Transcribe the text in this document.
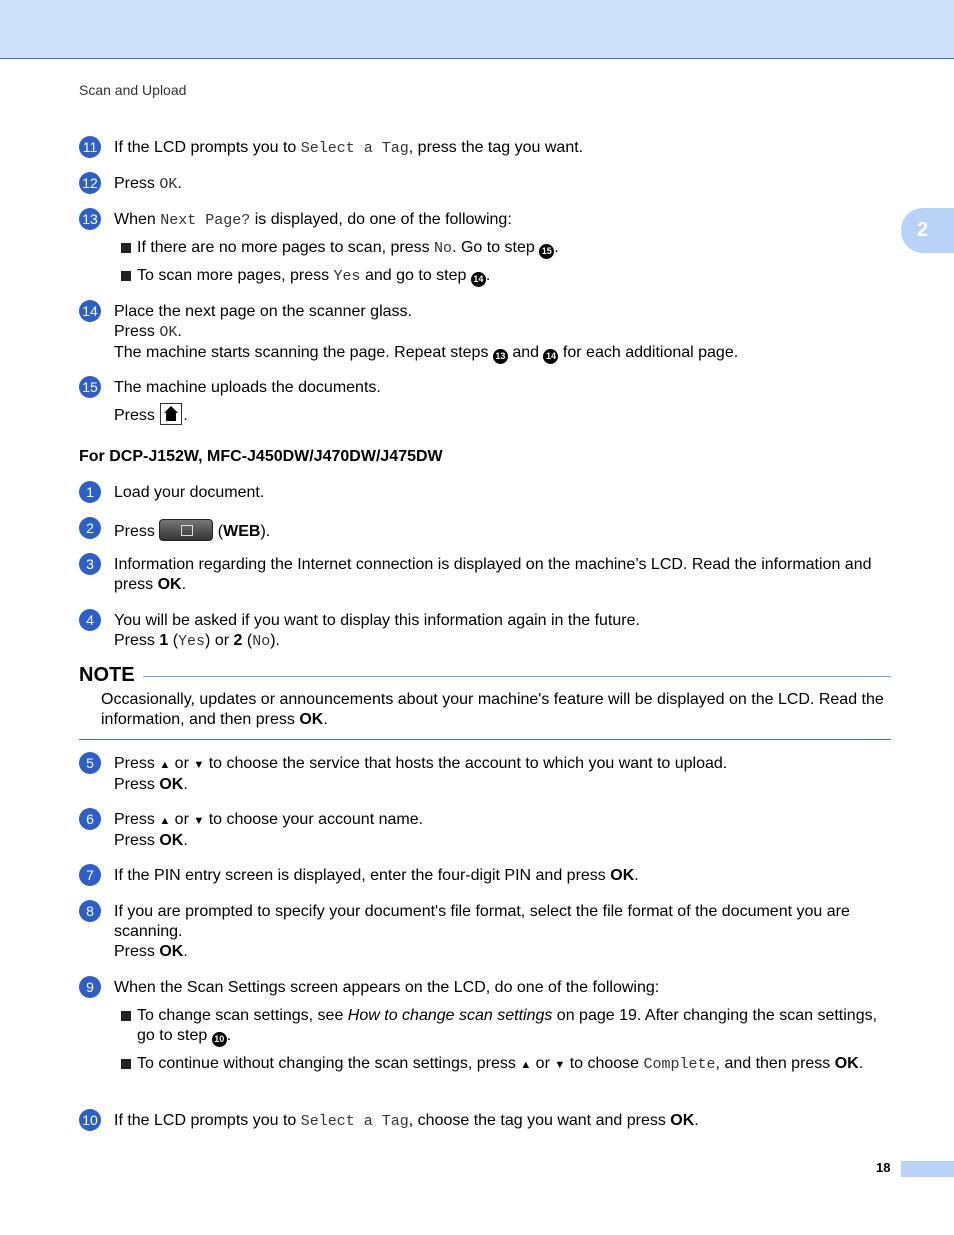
Scan and Upload
2
11 If the LCD prompts you to Select a Tag, press the tag you want.
12 Press OK.
13 When Next Page? is displayed, do one of the following:
If there are no more pages to scan, press No. Go to step 15 .
To scan more pages, press Yes and go to step 14 .
14 Place the next page on the scanner glass.
Press OK.
The machine starts scanning the page. Repeat steps 13 and 14 for each additional page.
15 The machine uploads the documents.
Press .
For DCP-J152W, MFC-J450DW/J470DW/J475DW
1	Load your document.
2	Press	(WEB).
3	Information regarding the Internet connection is displayed on the machine’s LCD. Read the information and press OK.
4	You will be asked if you want to display this information again in the future.
Press 1 (Yes) or 2 (No).
NOTE
Occasionally, updates or announcements about your machine's feature will be displayed on the LCD. Read the information, and then press OK.
5	Press ▲ or ▼ to choose the service that hosts the account to which you want to upload.
Press OK.
6	Press ▲ or ▼ to choose your account name.
Press OK.
7	If the PIN entry screen is displayed, enter the four-digit PIN and press OK.
8	If you are prompted to specify your document's file format, select the file format of the document you are scanning.
Press OK.
9	When the Scan Settings screen appears on the LCD, do one of the following:
To change scan settings, see How to change scan settings on page 19. After changing the scan settings, go to step 10 .
To continue without changing the scan settings, press ▲ or ▼ to choose Complete, and then press OK.
10 If the LCD prompts you to Select a Tag, choose the tag you want and press OK.
18
